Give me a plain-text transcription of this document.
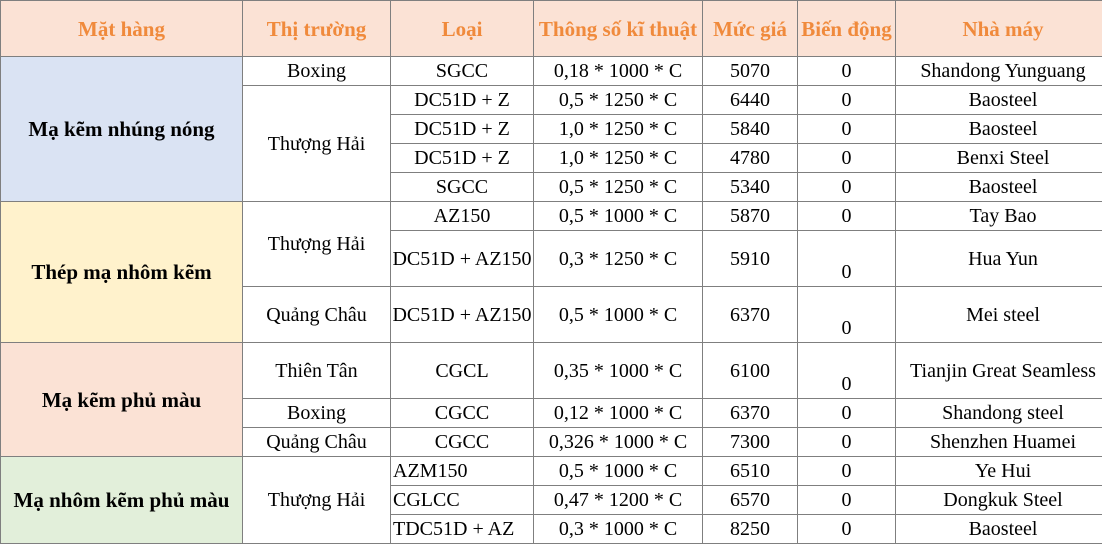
Mặt hàng	Thị trường	Loại	Thông số kĩ thuật	Mức giá	Biến động	Nhà máy
Mạ kẽm nhúng nóng	Boxing	SGCC	0,18 * 1000 * C	5070	0	Shandong Yunguang
	Thượng Hải	DC51D + Z	0,5 * 1250 * C	6440	0	Baosteel
		DC51D + Z	1,0 * 1250 * C	5840	0	Baosteel
		DC51D + Z	1,0 * 1250 * C	4780	0	Benxi Steel
		SGCC	0,5 * 1250 * C	5340	0	Baosteel
Thép mạ nhôm kẽm	Thượng Hải	AZ150	0,5 * 1000 * C	5870	0	Tay Bao
		DC51D + AZ150	0,3 * 1250 * C	5910	0	Hua Yun
	Quảng Châu	DC51D + AZ150	0,5 * 1000 * C	6370	0	Mei steel
Mạ kẽm phủ màu	Thiên Tân	CGCL	0,35 * 1000 * C	6100	0	Tianjin Great Seamless
	Boxing	CGCC	0,12 * 1000 * C	6370	0	Shandong steel
	Quảng Châu	CGCC	0,326 * 1000 * C	7300	0	Shenzhen Huamei
Mạ nhôm kẽm phủ màu	Thượng Hải	AZM150	0,5 * 1000 * C	6510	0	Ye Hui
		CGLCC	0,47 * 1200 * C	6570	0	Dongkuk Steel
		TDC51D + AZ	0,3 * 1000 * C	8250	0	Baosteel
